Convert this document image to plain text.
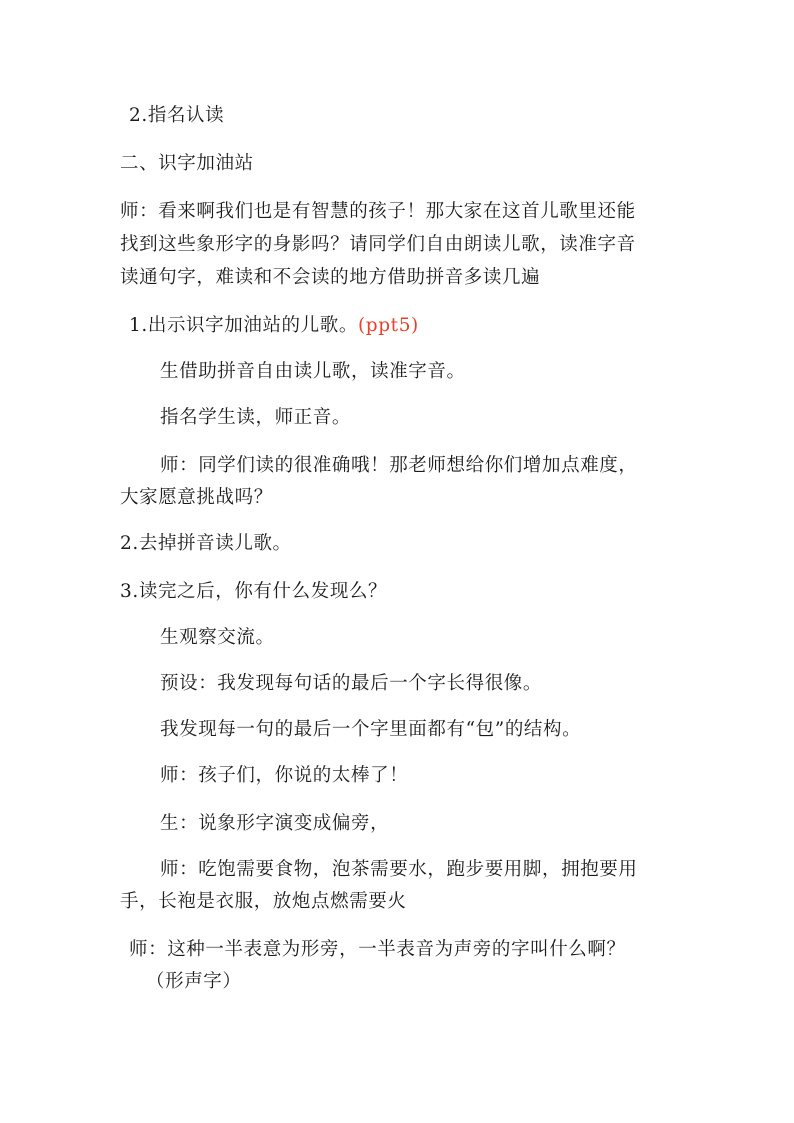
2.指名认读
二、识字加油站
师：看来啊我们也是有智慧的孩子！那大家在这首儿歌里还能
找到这些象形字的身影吗？请同学们自由朗读儿歌，读准字音
读通句字，难读和不会读的地方借助拼音多读几遍
1.出示识字加油站的儿歌。(ppt5)
生借助拼音自由读儿歌，读准字音。
指名学生读，师正音。
师：同学们读的很准确哦！那老师想给你们增加点难度，
大家愿意挑战吗？
2.去掉拼音读儿歌。
3.读完之后，你有什么发现么？
生观察交流。
预设：我发现每句话的最后一个字长得很像。
我发现每一句的最后一个字里面都有“包”的结构。
师：孩子们，你说的太棒了！
生：说象形字演变成偏旁，
师：吃饱需要食物，泡茶需要水，跑步要用脚，拥抱要用
手，长袍是衣服，放炮点燃需要火
师：这种一半表意为形旁，一半表音为声旁的字叫什么啊？
（形声字）
